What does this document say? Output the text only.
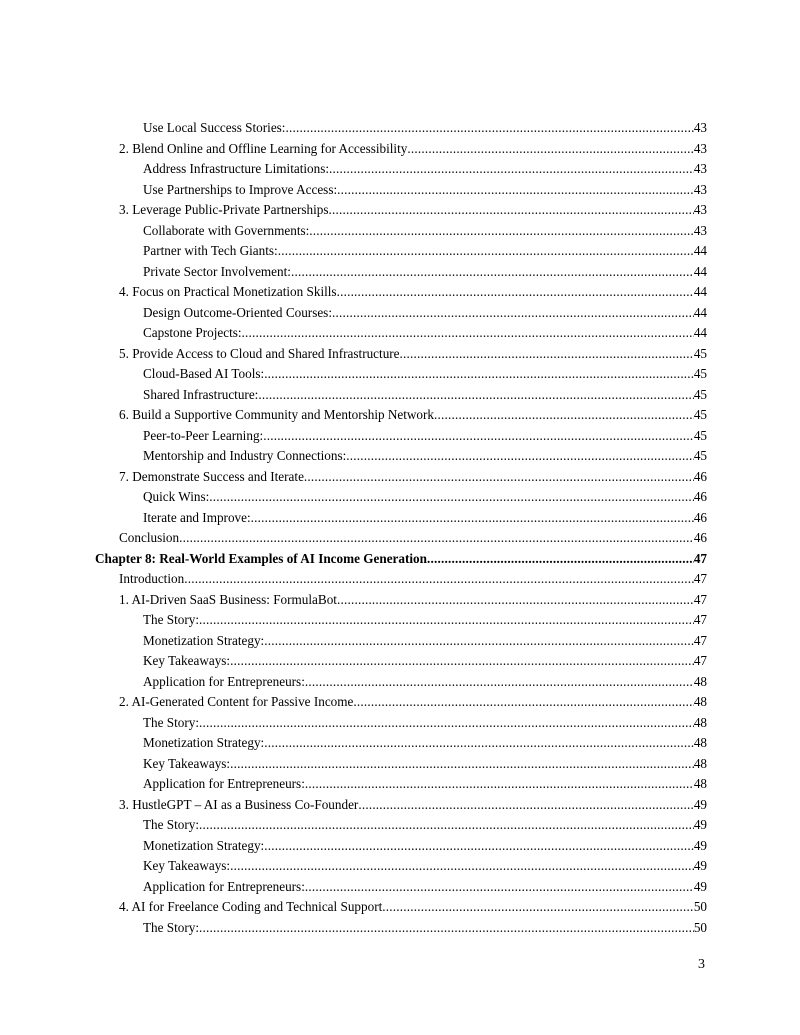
Use Local Success Stories: .....	43
2. Blend Online and Offline Learning for Accessibility .....	43
Address Infrastructure Limitations: .....	43
Use Partnerships to Improve Access: .....	43
3. Leverage Public-Private Partnerships .....	43
Collaborate with Governments: .....	43
Partner with Tech Giants: .....	44
Private Sector Involvement: .....	44
4. Focus on Practical Monetization Skills .....	44
Design Outcome-Oriented Courses: .....	44
Capstone Projects: .....	44
5. Provide Access to Cloud and Shared Infrastructure .....	45
Cloud-Based AI Tools: .....	45
Shared Infrastructure: .....	45
6. Build a Supportive Community and Mentorship Network .....	45
Peer-to-Peer Learning: .....	45
Mentorship and Industry Connections: .....	45
7. Demonstrate Success and Iterate .....	46
Quick Wins: .....	46
Iterate and Improve: .....	46
Conclusion .....	46
Chapter 8: Real-World Examples of AI Income Generation .....	47
Introduction .....	47
1. AI-Driven SaaS Business: FormulaBot .....	47
The Story: .....	47
Monetization Strategy: .....	47
Key Takeaways: .....	47
Application for Entrepreneurs: .....	48
2. AI-Generated Content for Passive Income .....	48
The Story: .....	48
Monetization Strategy: .....	48
Key Takeaways: .....	48
Application for Entrepreneurs: .....	48
3. HustleGPT – AI as a Business Co-Founder .....	49
The Story: .....	49
Monetization Strategy: .....	49
Key Takeaways: .....	49
Application for Entrepreneurs: .....	49
4. AI for Freelance Coding and Technical Support .....	50
The Story: .....	50
3
